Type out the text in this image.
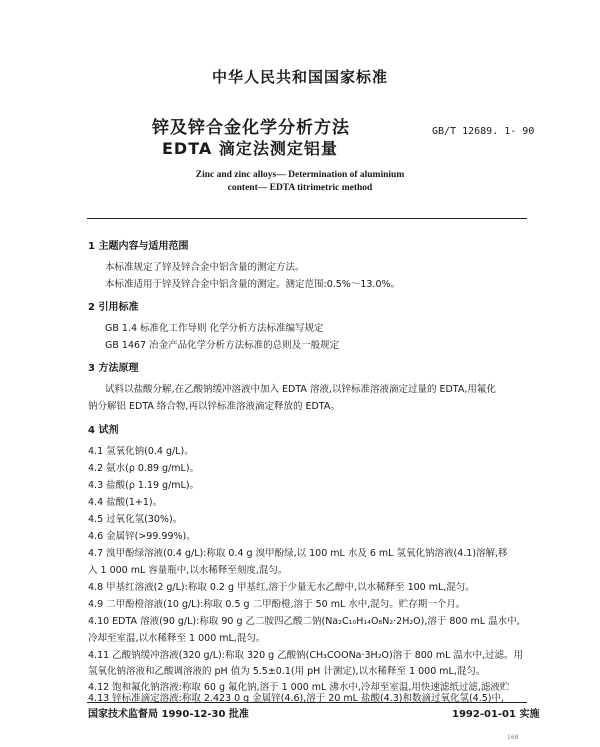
中华人民共和国国家标准
锌及锌合金化学分析方法
EDTA 滴定法测定铝量
GB/T 12689. 1- 90
Zinc and zinc alloys— Determination of aluminium
content— EDTA titrimetric method
1 主题内容与适用范围
本标准规定了锌及锌合金中铝含量的测定方法。
本标准适用于锌及锌合金中铝含量的测定。测定范围:0.5%～13.0%。
2 引用标准
GB 1.4 标准化工作导则 化学分析方法标准编写规定
GB 1467 冶金产品化学分析方法标准的总则及一般规定
3 方法原理
试料以盐酸分解,在乙酸钠缓冲溶液中加入 EDTA 溶液,以锌标准溶液滴定过量的 EDTA,用氟化
钠分解铝 EDTA 络合物,再以锌标准溶液滴定释放的 EDTA。
4 试剂
4.1 氢氧化钠(0.4 g/L)。
4.2 氨水(ρ 0.89 g/mL)。
4.3 盐酸(ρ 1.19 g/mL)。
4.4 盐酸(1+1)。
4.5 过氧化氢(30%)。
4.6 金属锌(>99.99%)。
4.7 溴甲酚绿溶液(0.4 g/L):称取 0.4 g 溴甲酚绿,以 100 mL 水及 6 mL 氢氧化钠溶液(4.1)溶解,移
入 1 000 mL 容量瓶中,以水稀释至刻度,混匀。
4.8 甲基红溶液(2 g/L):称取 0.2 g 甲基红,溶于少量无水乙醇中,以水稀释至 100 mL,混匀。
4.9 二甲酚橙溶液(10 g/L):称取 0.5 g 二甲酚橙,溶于 50 mL 水中,混匀。贮存期一个月。
4.10 EDTA 溶液(90 g/L):称取 90 g 乙二胺四乙酸二钠(Na₂C₁₀H₁₄O₈N₂·2H₂O),溶于 800 mL 温水中,
冷却至室温,以水稀释至 1 000 mL,混匀。
4.11 乙酸钠缓冲溶液(320 g/L):称取 320 g 乙酸钠(CH₃COONa·3H₂O)溶于 800 mL 温水中,过滤。用
氢氧化钠溶液和乙酸调溶液的 pH 值为 5.5±0.1(用 pH 计测定),以水稀释至 1 000 mL,混匀。
4.12 饱和氟化钠溶液:称取 60 g 氟化钠,溶于 1 000 mL 沸水中,冷却至室温,用快速滤纸过滤,滤液贮
4.13 锌标准滴定溶液:称取 2.423 0 g 金属锌(4.6),溶于 20 mL 盐酸(4.3)和数滴过氧化氢(4.5)中,
国家技术监督局 1990-12-30 批准	1992-01-01 实施
168
